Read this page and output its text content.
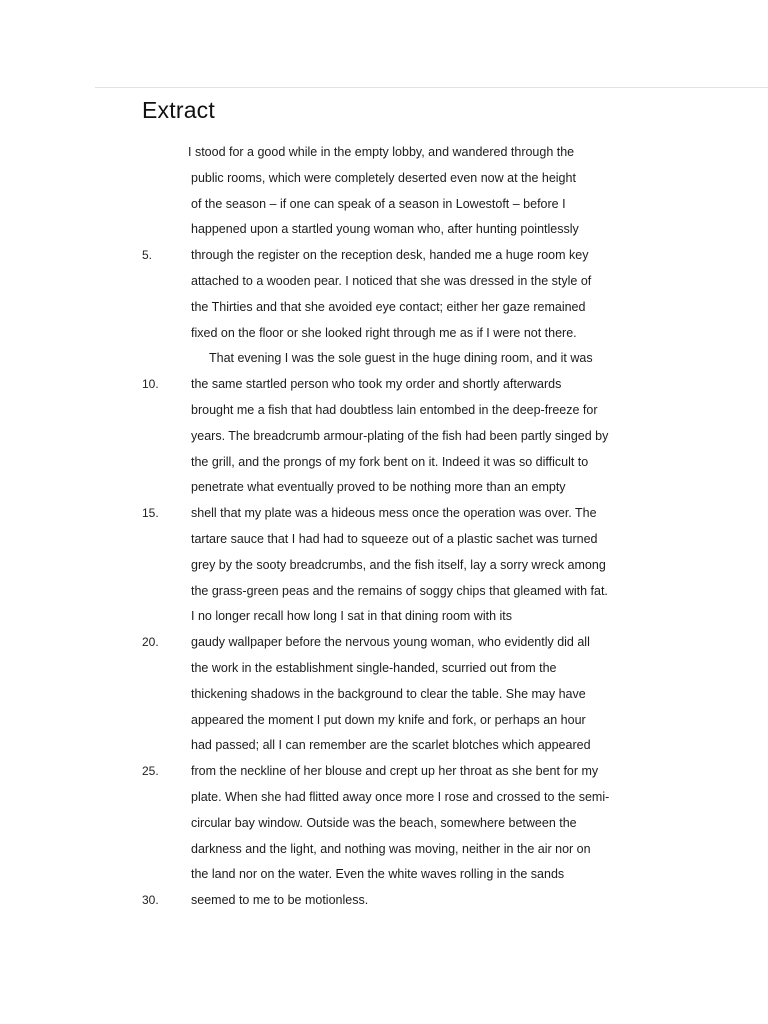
Extract
I stood for a good while in the empty lobby, and wandered through the
public rooms, which were completely deserted even now at the height
of the season – if one can speak of a season in Lowestoft – before I
happened upon a startled young woman who, after hunting pointlessly
5.	through the register on the reception desk, handed me a huge room key
attached to a wooden pear. I noticed that she was dressed in the style of
the Thirties and that she avoided eye contact; either her gaze remained
fixed on the floor or she looked right through me as if I were not there.
That evening I was the sole guest in the huge dining room, and it was
10.	the same startled person who took my order and shortly afterwards
brought me a fish that had doubtless lain entombed in the deep-freeze for
years. The breadcrumb armour-plating of the fish had been partly singed by
the grill, and the prongs of my fork bent on it. Indeed it was so difficult to
penetrate what eventually proved to be nothing more than an empty
15.	shell that my plate was a hideous mess once the operation was over. The
tartare sauce that I had had to squeeze out of a plastic sachet was turned
grey by the sooty breadcrumbs, and the fish itself, lay a sorry wreck among
the grass-green peas and the remains of soggy chips that gleamed with fat.
I no longer recall how long I sat in that dining room with its
20.	gaudy wallpaper before the nervous young woman, who evidently did all
the work in the establishment single-handed, scurried out from the
thickening shadows in the background to clear the table. She may have
appeared the moment I put down my knife and fork, or perhaps an hour
had passed; all I can remember are the scarlet blotches which appeared
25.	from the neckline of her blouse and crept up her throat as she bent for my
plate. When she had flitted away once more I rose and crossed to the semi-
circular bay window. Outside was the beach, somewhere between the
darkness and the light, and nothing was moving, neither in the air nor on
the land nor on the water. Even the white waves rolling in the sands
30.	seemed to me to be motionless.
